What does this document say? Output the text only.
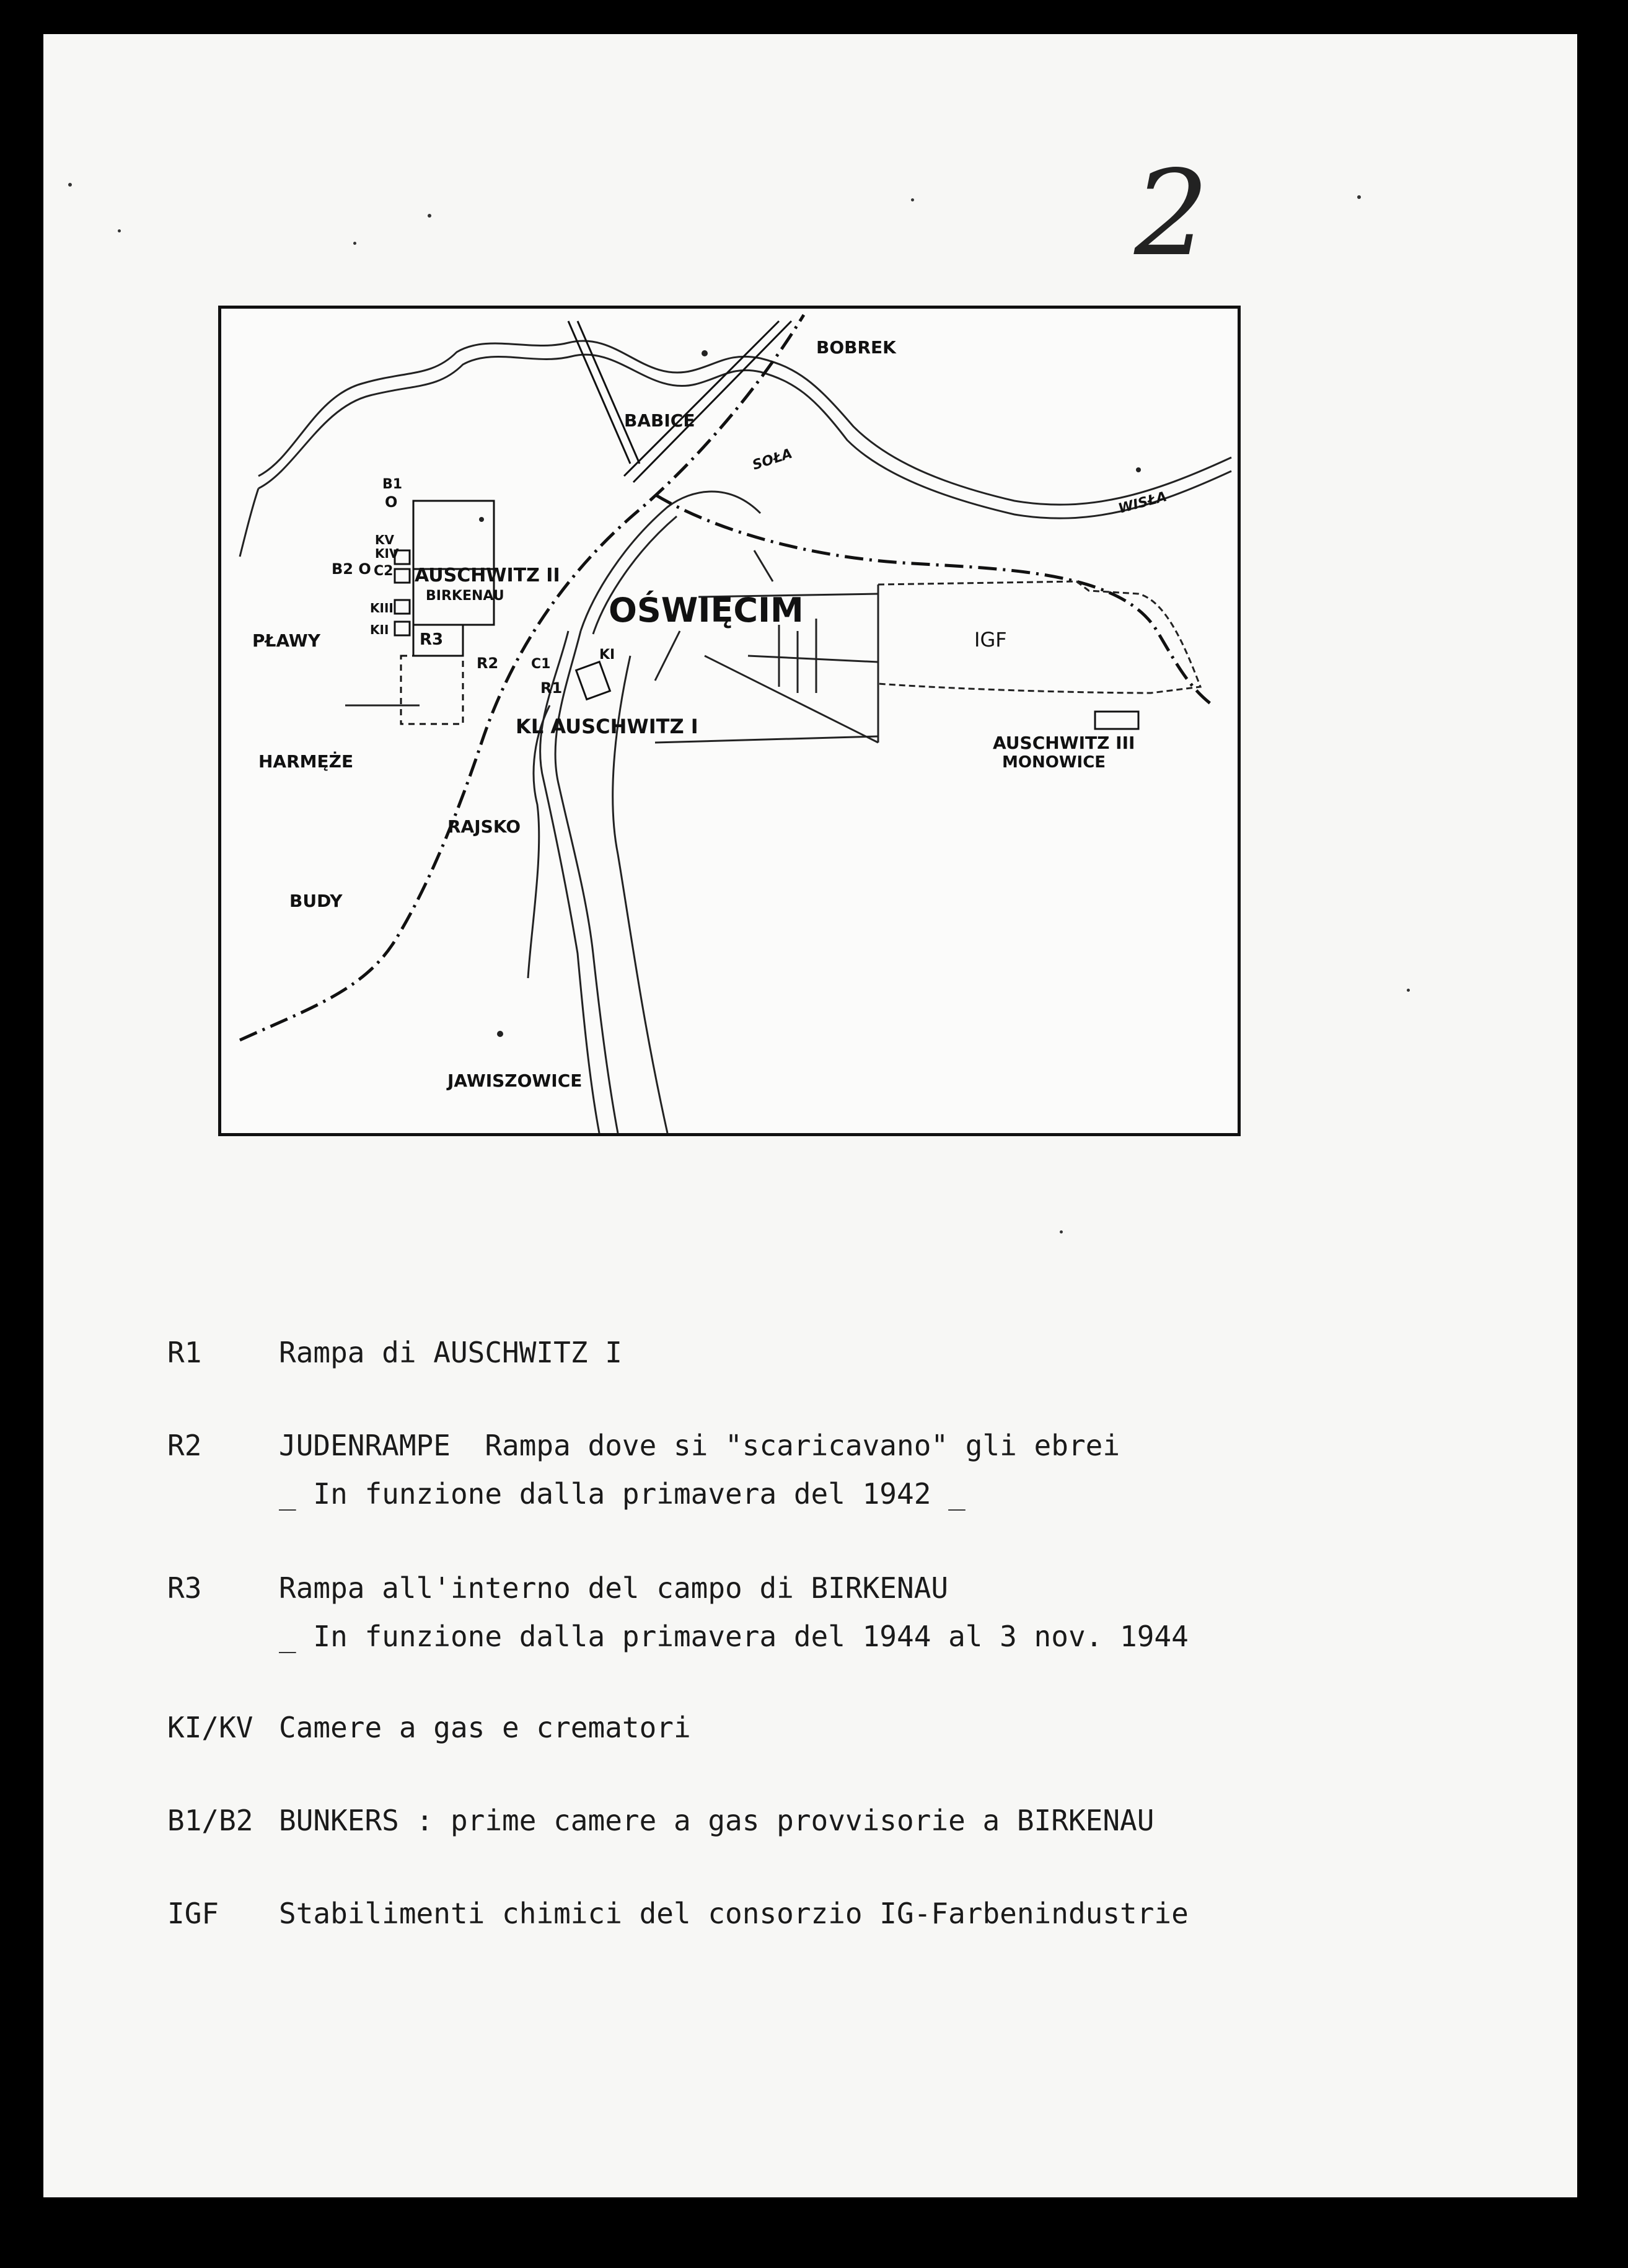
2
BOBREK
BABICE
SOŁA
WISŁA
B1
O
KV
KIV
C2
B2 O AUSCHWITZ II
BIRKENAU
KIII
PŁAWY
KII
R3
R2 C1
R1
KI
OŚWIĘCIM
IGF
KL AUSCHWITZ I
AUSCHWITZ III
MONOWICE
HARMĘŻE
RAJSKO
BUDY
JAWISZOWICE
R1	Rampa di AUSCHWITZ I
R2	JUDENRAMPE  Rampa dove si "scaricavano" gli ebrei
_ In funzione dalla primavera del 1942 _
R3	Rampa all'interno del campo di BIRKENAU
_ In funzione dalla primavera del 1944 al 3 nov. 1944
KI/KV Camere a gas e crematori
B1/B2 BUNKERS : prime camere a gas provvisorie a BIRKENAU
IGF Stabilimenti chimici del consorzio IG-Farbenindustrie
